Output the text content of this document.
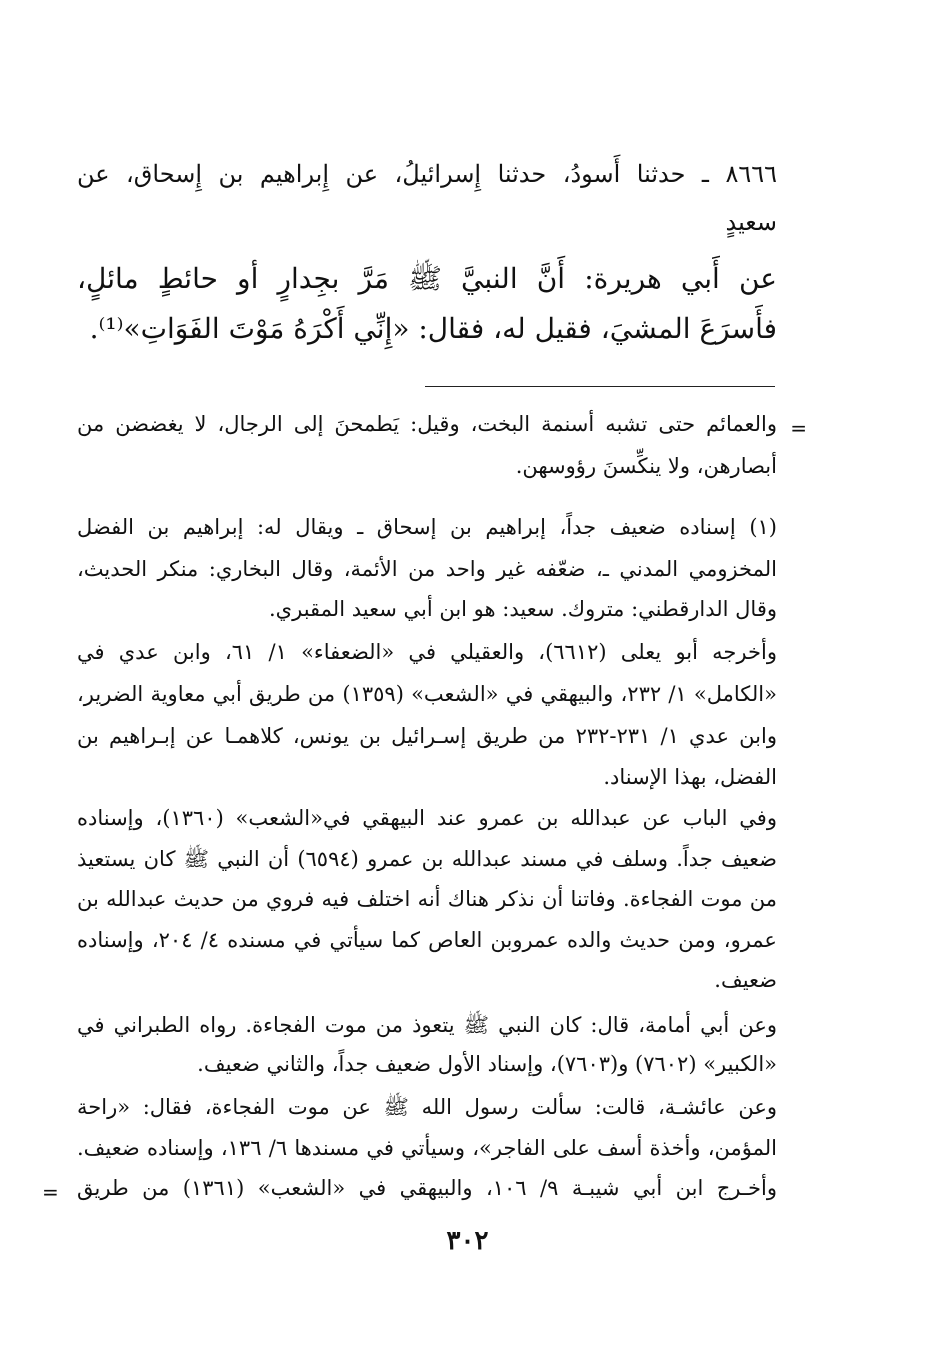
٨٦٦٦ ـ حدثنا أَسودُ، حدثنا إِسرائيلُ، عن إِبراهيم بن إِسحاق، عن
سعيدٍ
عن أَبي هريرة: أَنَّ النبيَّ ﷺ مَرَّ بجِدارٍ أو حائطٍ مائلٍ،
فأَسرَعَ المشيَ، فقيل له، فقال: «إِنِّي أَكْرَهُ مَوْتَ الفَوَاتِ»⁽¹⁾.
=
والعمائم حتى تشبه أسنمة البخت، وقيل: يَطمحنَ إلى الرجال، لا يغضضن من
أبصارهن، ولا ينكِّسنَ رؤوسهن.
(١) إسناده ضعيف جداً، إبراهيم بن إسحاق ـ ويقال له: إبراهيم بن الفضل
المخزومي المدني ـ، ضعّفه غير واحد من الأئمة، وقال البخاري: منكر الحديث،
وقال الدارقطني: متروك. سعيد: هو ابن أبي سعيد المقبري.
وأخرجه أبو يعلى (٦٦١٢)، والعقيلي في «الضعفاء» ١/ ٦١، وابن عدي في
«الكامل» ١/ ٢٣٢، والبيهقي في «الشعب» (١٣٥٩) من طريق أبي معاوية الضرير،
وابن عدي ١/ ٢٣١-٢٣٢ من طريق إسـرائيل بن يونس، كلاهمـا عن إبـراهيم بن
الفضل، بهذا الإسناد.
وفي الباب عن عبدالله بن عمرو عند البيهقي في«الشعب» (١٣٦٠)، وإسناده
ضعيف جداً. وسلف في مسند عبدالله بن عمرو (٦٥٩٤) أن النبي ﷺ كان يستعيذ
من موت الفجاءة. وفاتنا أن نذكر هناك أنه اختلف فيه فروي من حديث عبدالله بن
عمرو، ومن حديث والده عمروبن العاص كما سيأتي في مسنده ٤/ ٢٠٤، وإسناده
ضعيف.
وعن أبي أمامة، قال: كان النبي ﷺ يتعوذ من موت الفجاءة. رواه الطبراني في
«الكبير» (٧٦٠٢) و(٧٦٠٣)، وإسناد الأول ضعيف جداً، والثاني ضعيف.
وعن عائشـة، قالت: سألت رسول الله ﷺ عن موت الفجاءة، فقال: «راحة
المؤمن، وأخذة أسف على الفاجر»، وسيأتي في مسندها ٦/ ١٣٦، وإسناده ضعيف.
وأخـرج ابن أبي شيبـة ٩/ ١٠٦، والبيهقي في «الشعب» (١٣٦١) من طريق
=
٣٠٢
